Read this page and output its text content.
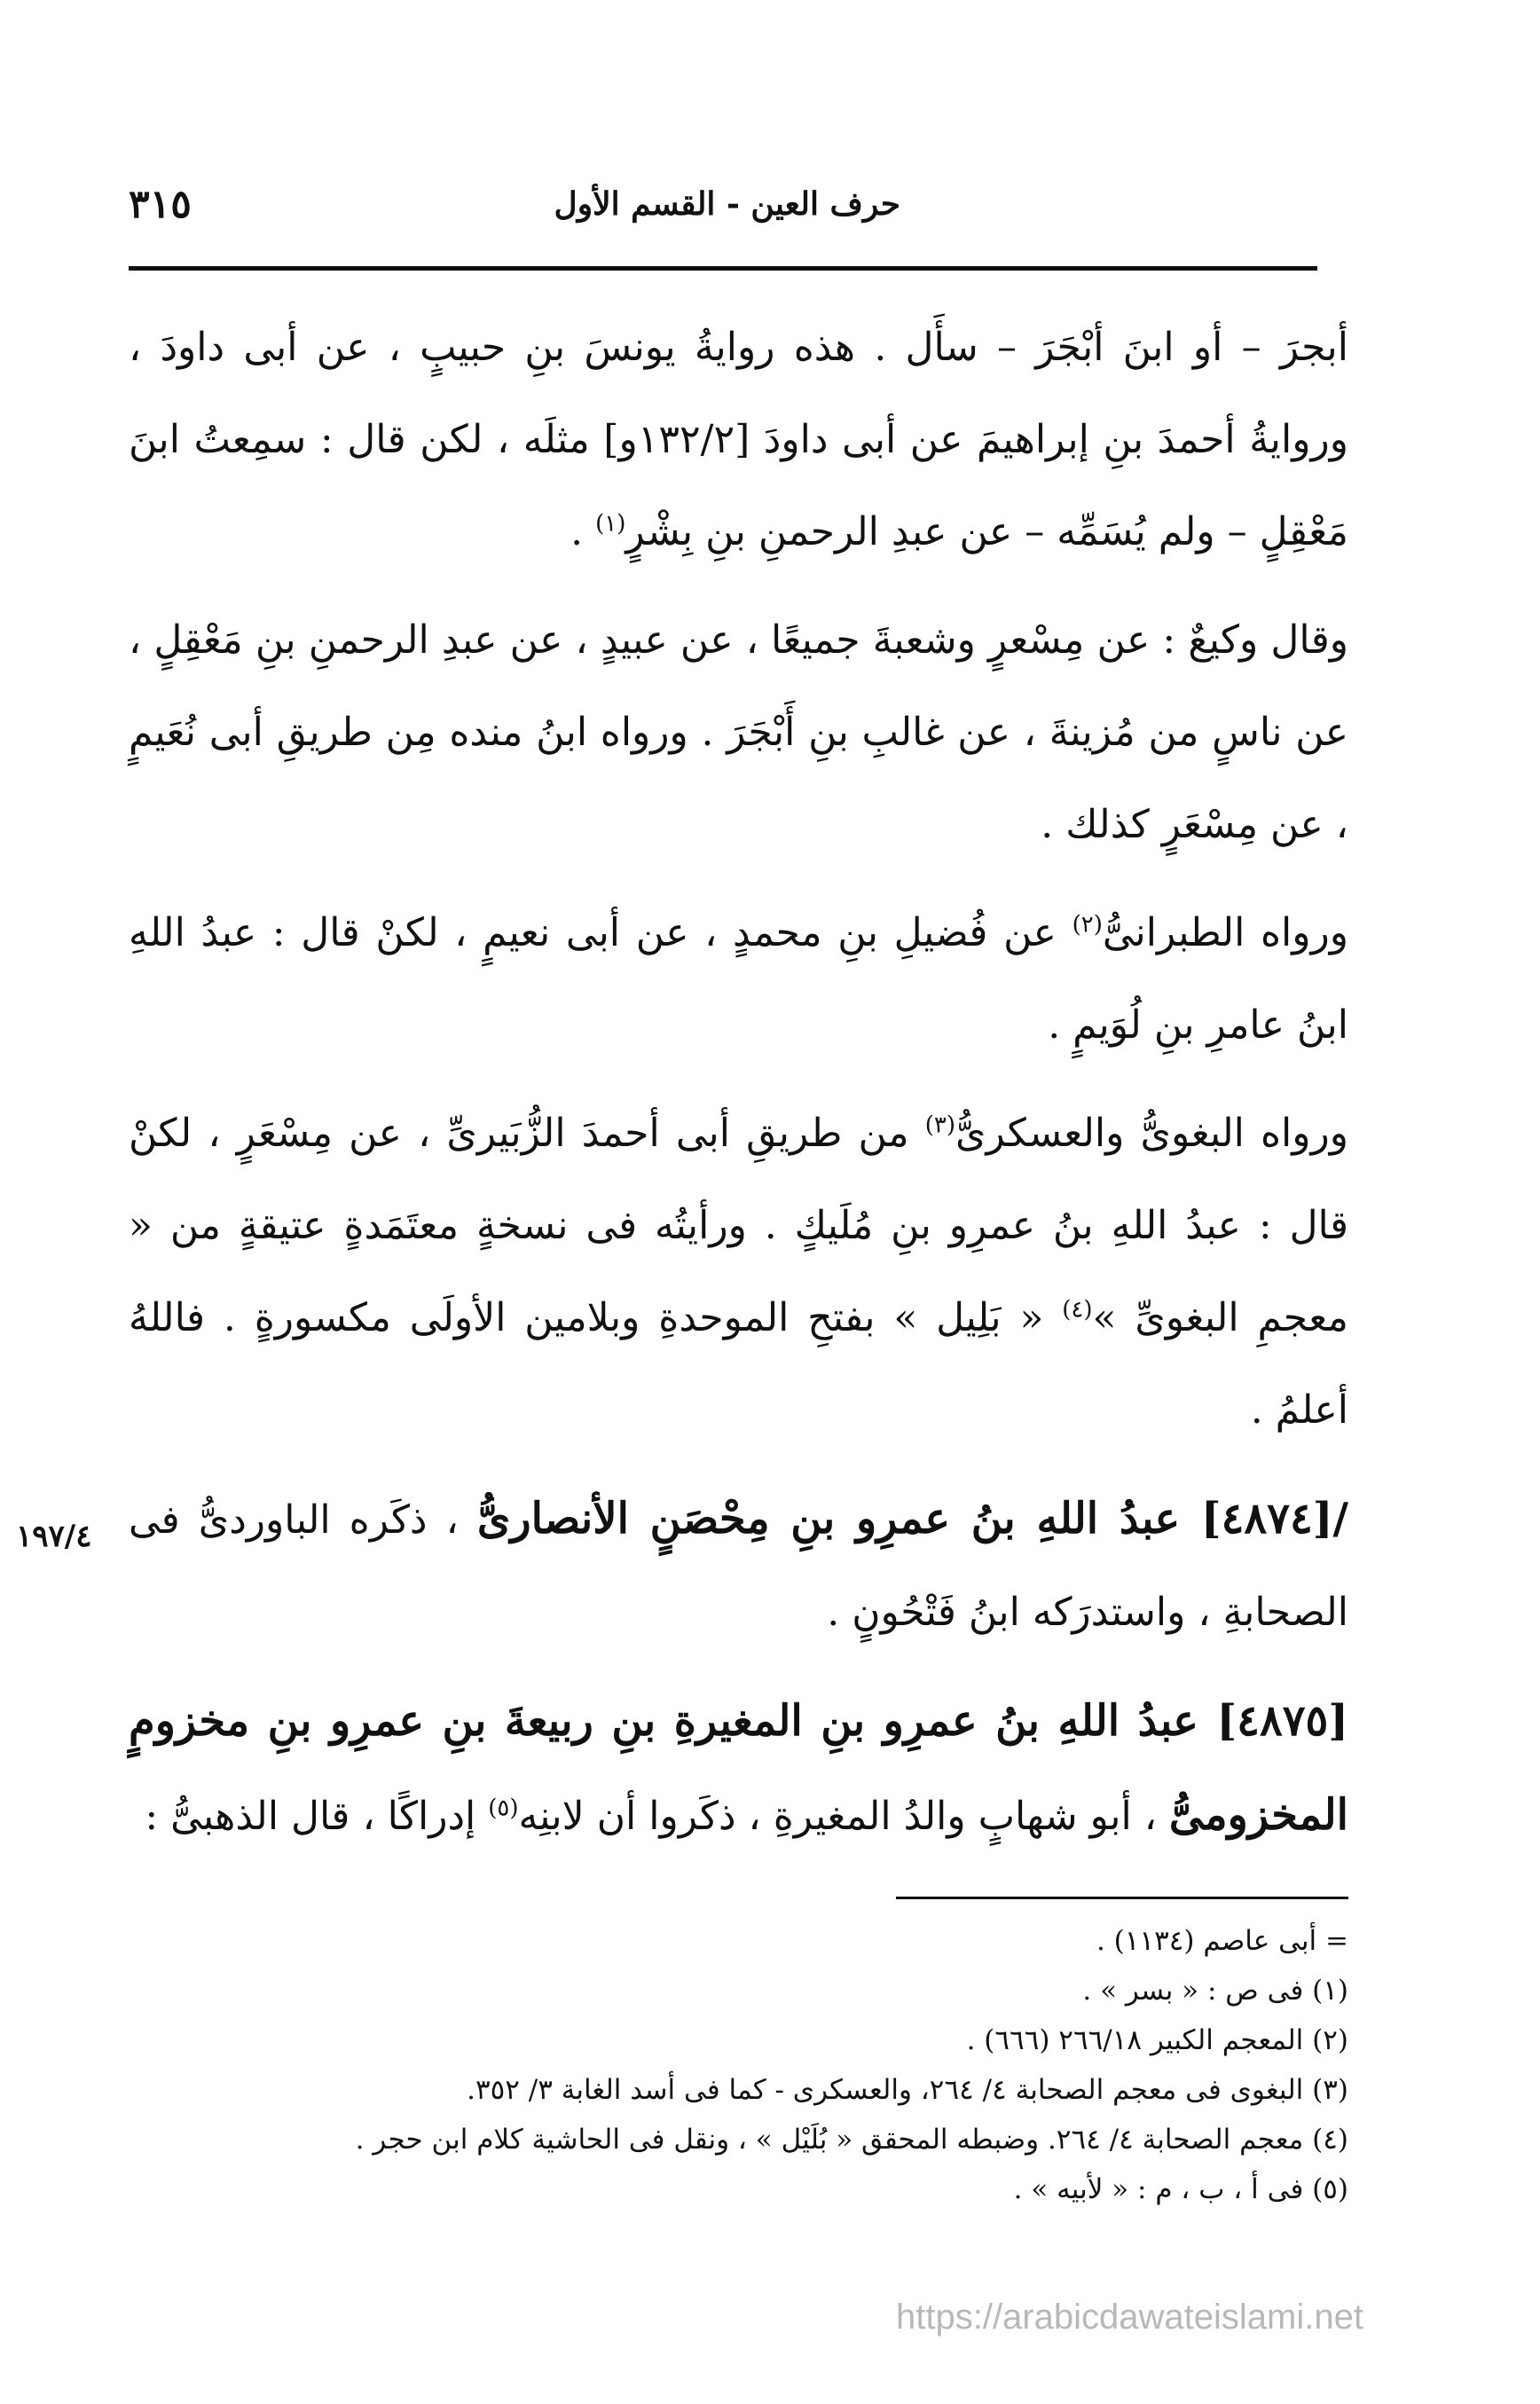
٣١٥	حرف العين - القسم الأول

أبجرَ – أو ابنَ أبْجَرَ – سأَل . هذه روايةُ يونسَ بنِ حبيبٍ ، عن أبى داودَ ، وروايةُ أحمدَ بنِ إبراهيمَ عن أبى داودَ [١٣٢/٢و] مثلَه ، لكن قال : سمِعتُ ابنَ مَعْقِلٍ – ولم يُسَمِّه – عن عبدِ الرحمنِ بنِ بِشْرٍ$^{(١)}$ .

وقال وكيعٌ : عن مِسْعرٍ وشعبةَ جميعًا ، عن عبيدٍ ، عن عبدِ الرحمنِ بنِ مَعْقِلٍ ، عن ناسٍ من مُزينةَ ، عن غالبِ بنِ أَبْجَرَ . ورواه ابنُ منده مِن طريقِ أبى نُعَيمٍ ، عن مِسْعَرٍ كذلك .

ورواه الطبرانىُّ$^{(٢)}$ عن فُضيلِ بنِ محمدٍ ، عن أبى نعيمٍ ، لكنْ قال : عبدُ اللهِ ابنُ عامرِ بنِ لُوَيمٍ .

ورواه البغوىُّ والعسكرىُّ$^{(٣)}$ من طريقِ أبى أحمدَ الزُّبَيرىِّ ، عن مِسْعَرٍ ، لكنْ قال : عبدُ اللهِ بنُ عمرِو بنِ مُلَيكٍ . ورأيتُه فى نسخةٍ معتَمَدةٍ عتيقةٍ من « معجمِ البغوىِّ »$^{(٤)}$ « بَلِيل » بفتحِ الموحدةِ وبلامين الأولَى مكسورةٍ . فاللهُ أعلمُ .

/[٤٨٧٤] عبدُ اللهِ بنُ عمرِو بنِ مِحْصَنٍ الأنصارىُّ ، ذكَره الباوردىُّ فى الصحابةِ ، واستدرَكه ابنُ فَتْحُونٍ .

[٤٨٧٥] عبدُ اللهِ بنُ عمرِو بنِ المغيرةِ بنِ ربيعةَ بنِ عمرِو بنِ مخزومٍ المخزومىُّ ، أبو شهابٍ والدُ المغيرةِ ، ذكَروا أن لابنِه$^{(٥)}$ إدراكًا ، قال الذهبىُّ :

١٩٧/٤

= أبى عاصم (١١٣٤) .

(١) فى ص : « بسر » .

(٢) المعجم الكبير ٢٦٦/١٨ (٦٦٦) .

(٣) البغوى فى معجم الصحابة ٤/ ٢٦٤، والعسكرى - كما فى أسد الغابة ٣/ ٣٥٢.

(٤) معجم الصحابة ٤/ ٢٦٤. وضبطه المحقق « بُلَيْل » ، ونقل فى الحاشية كلام ابن حجر .

(٥) فى أ ، ب ، م : « لأبيه » .

https://arabicdawateislami.net
